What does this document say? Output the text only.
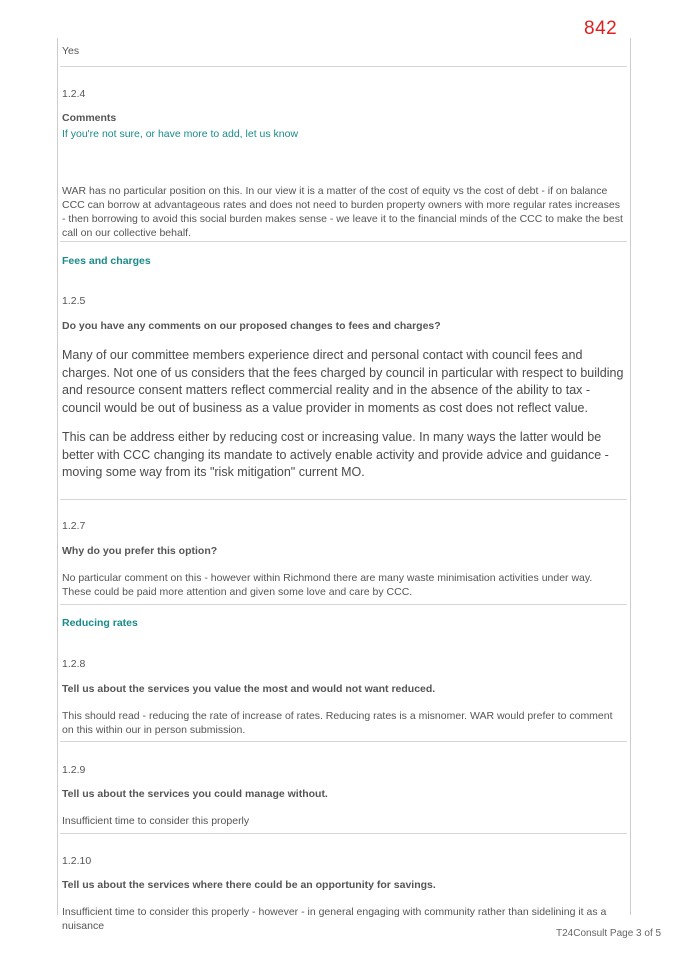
842
Yes
1.2.4
Comments
If you're not sure, or have more to add, let us know
WAR has no particular position on this. In our view it is a matter of the cost of equity vs the cost of debt - if on balance CCC can borrow at advantageous rates and does not need to burden property owners with more regular rates increases - then borrowing to avoid this social burden makes sense - we leave it to the financial minds of the CCC to make the best call on our collective behalf.
Fees and charges
1.2.5
Do you have any comments on our proposed changes to fees and charges?
Many of our committee members experience direct and personal contact with council fees and charges. Not one of us considers that the fees charged by council in particular with respect to building and resource consent matters reflect commercial reality and in the absence of the ability to tax - council would be out of business as a value provider in moments as cost does not reflect value.
This can be address either by reducing cost or increasing value. In many ways the latter would be better with CCC changing its mandate to actively enable activity and provide advice and guidance - moving some way from its "risk mitigation" current MO.
1.2.7
Why do you prefer this option?
No particular comment on this - however within Richmond there are many waste minimisation activities under way. These could be paid more attention and given some love and care by CCC.
Reducing rates
1.2.8
Tell us about the services you value the most and would not want reduced.
This should read - reducing the rate of increase of rates. Reducing rates is a misnomer. WAR would prefer to comment on this within our in person submission.
1.2.9
Tell us about the services you could manage without.
Insufficient time to consider this properly
1.2.10
Tell us about the services where there could be an opportunity for savings.
Insufficient time to consider this properly - however - in general engaging with community rather than sidelining it as a nuisance
T24Consult Page 3 of 5
